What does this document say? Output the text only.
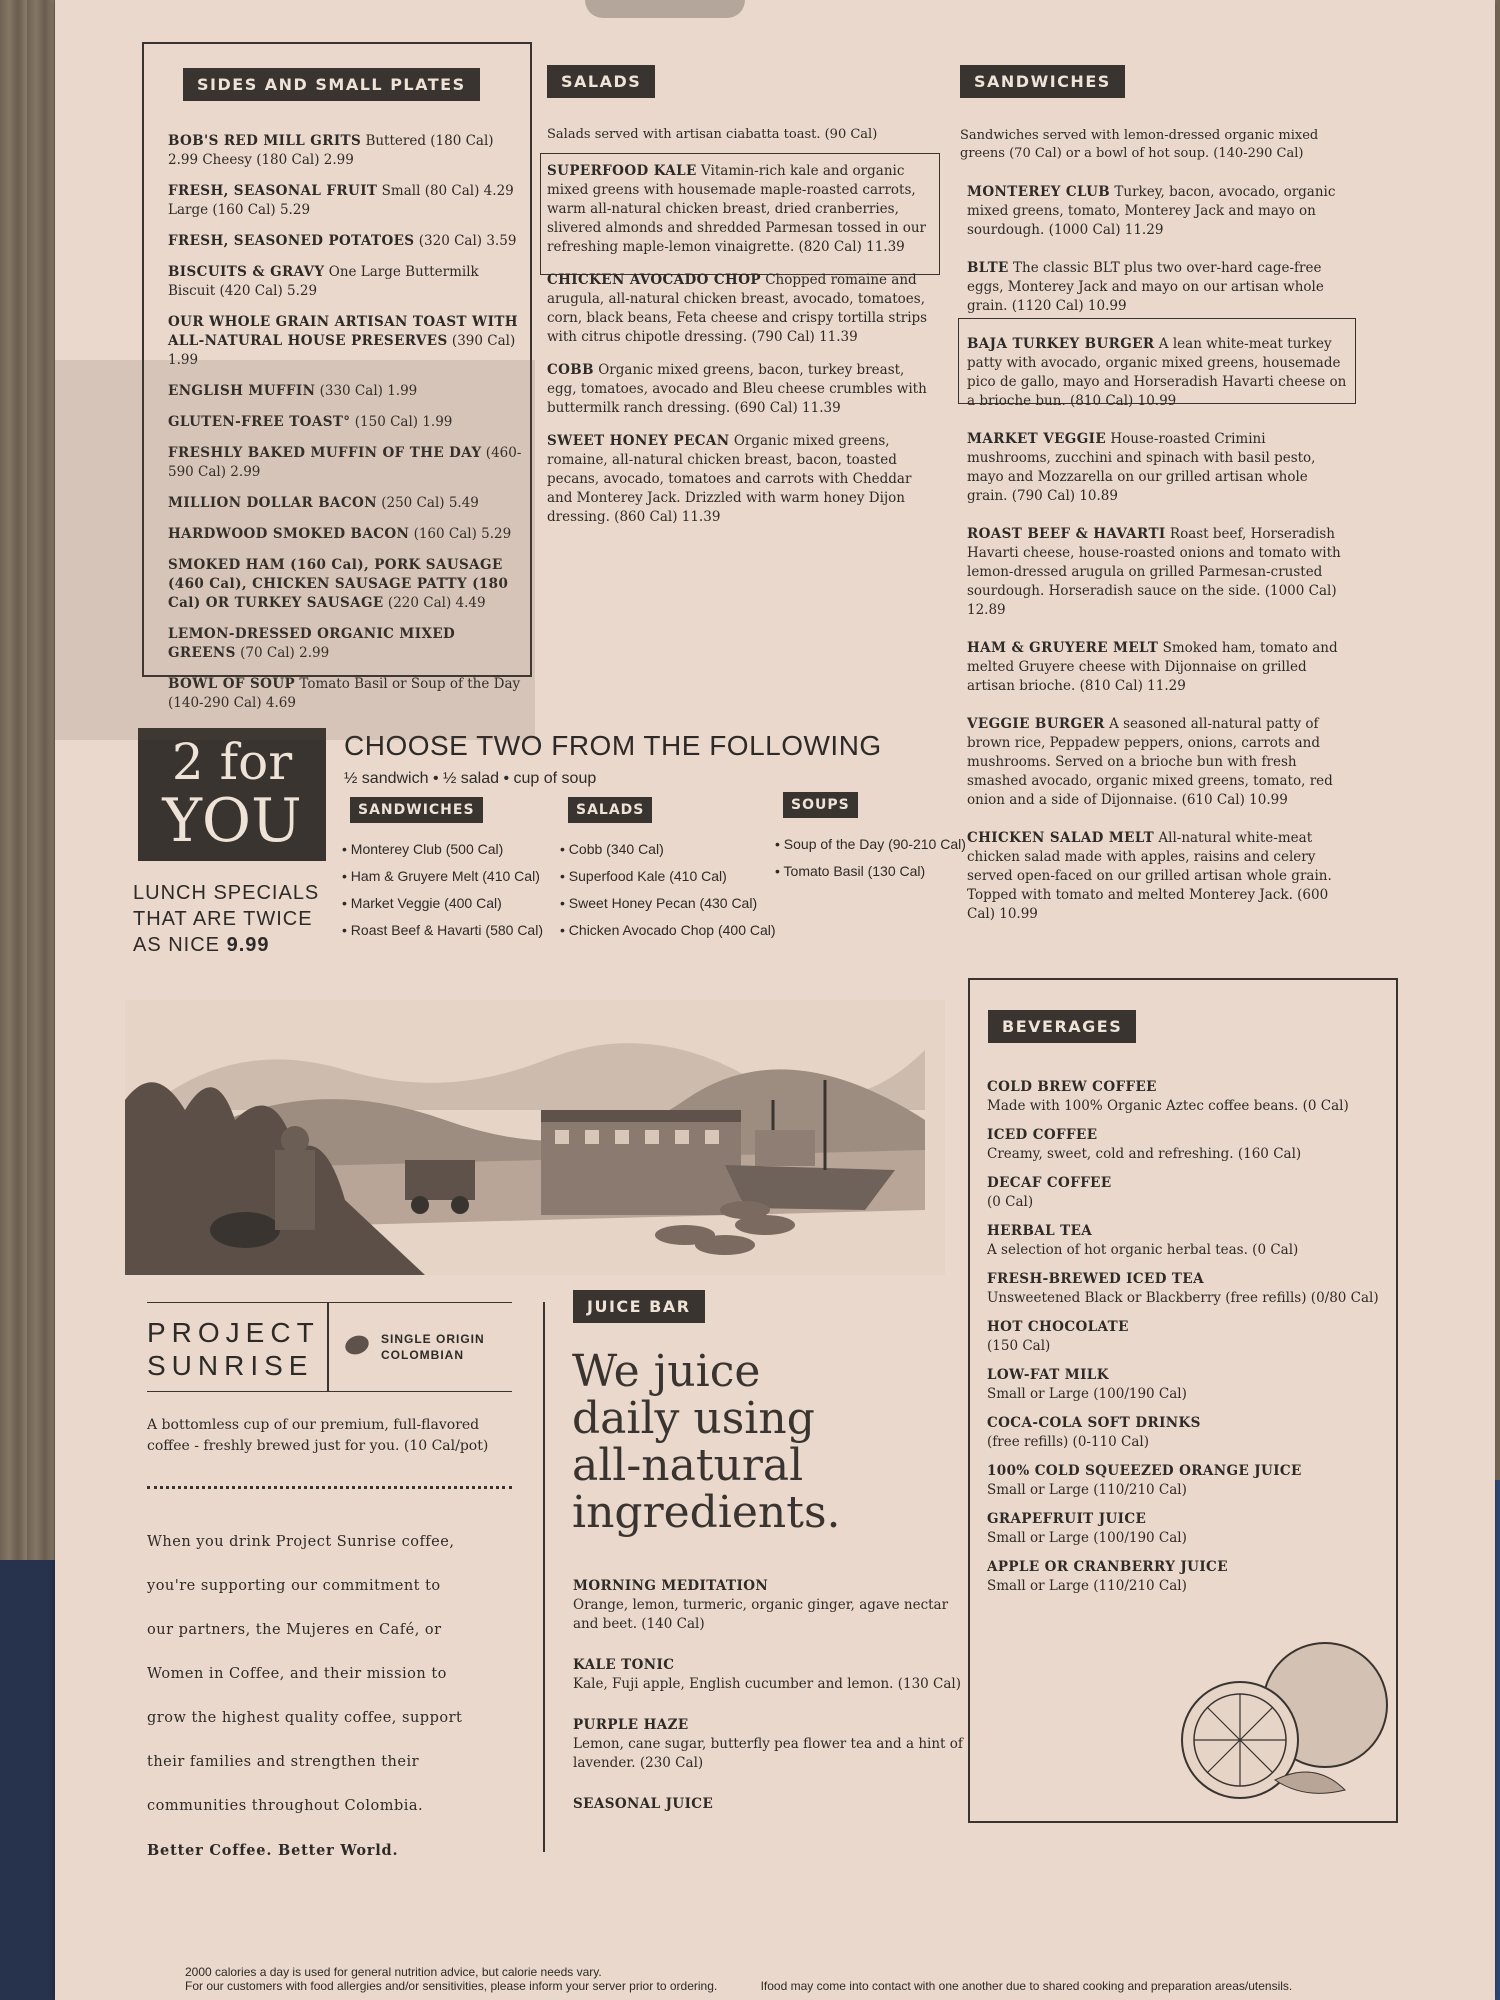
SIDES AND SMALL PLATES
BOB'S RED MILL GRITS Buttered (180 Cal) 2.99 Cheesy (180 Cal) 2.99
FRESH, SEASONAL FRUIT Small (80 Cal) 4.29 Large (160 Cal) 5.29
FRESH, SEASONED POTATOES (320 Cal) 3.59
BISCUITS & GRAVY One Large Buttermilk Biscuit (420 Cal) 5.29
OUR WHOLE GRAIN ARTISAN TOAST WITH ALL-NATURAL HOUSE PRESERVES (390 Cal) 1.99
ENGLISH MUFFIN (330 Cal) 1.99
GLUTEN-FREE TOAST° (150 Cal) 1.99
FRESHLY BAKED MUFFIN OF THE DAY (460-590 Cal) 2.99
MILLION DOLLAR BACON (250 Cal) 5.49
HARDWOOD SMOKED BACON (160 Cal) 5.29
SMOKED HAM (160 Cal), PORK SAUSAGE (460 Cal), CHICKEN SAUSAGE PATTY (180 Cal) OR TURKEY SAUSAGE (220 Cal) 4.49
LEMON-DRESSED ORGANIC MIXED GREENS (70 Cal) 2.99
BOWL OF SOUP Tomato Basil or Soup of the Day (140-290 Cal) 4.69
SALADS
Salads served with artisan ciabatta toast. (90 Cal)
SUPERFOOD KALE Vitamin-rich kale and organic mixed greens with housemade maple-roasted carrots, warm all-natural chicken breast, dried cranberries, slivered almonds and shredded Parmesan tossed in our refreshing maple-lemon vinaigrette. (820 Cal) 11.39
CHICKEN AVOCADO CHOP Chopped romaine and arugula, all-natural chicken breast, avocado, tomatoes, corn, black beans, Feta cheese and crispy tortilla strips with citrus chipotle dressing. (790 Cal) 11.39
COBB Organic mixed greens, bacon, turkey breast, egg, tomatoes, avocado and Bleu cheese crumbles with buttermilk ranch dressing. (690 Cal) 11.39
SWEET HONEY PECAN Organic mixed greens, romaine, all-natural chicken breast, bacon, toasted pecans, avocado, tomatoes and carrots with Cheddar and Monterey Jack. Drizzled with warm honey Dijon dressing. (860 Cal) 11.39
SANDWICHES
Sandwiches served with lemon-dressed organic mixed greens (70 Cal) or a bowl of hot soup. (140-290 Cal)
MONTEREY CLUB Turkey, bacon, avocado, organic mixed greens, tomato, Monterey Jack and mayo on sourdough. (1000 Cal) 11.29
BLTE The classic BLT plus two over-hard cage-free eggs, Monterey Jack and mayo on our artisan whole grain. (1120 Cal) 10.99
BAJA TURKEY BURGER A lean white-meat turkey patty with avocado, organic mixed greens, housemade pico de gallo, mayo and Horseradish Havarti cheese on a brioche bun. (810 Cal) 10.99
MARKET VEGGIE House-roasted Crimini mushrooms, zucchini and spinach with basil pesto, mayo and Mozzarella on our grilled artisan whole grain. (790 Cal) 10.89
ROAST BEEF & HAVARTI Roast beef, Horseradish Havarti cheese, house-roasted onions and tomato with lemon-dressed arugula on grilled Parmesan-crusted sourdough. Horseradish sauce on the side. (1000 Cal) 12.89
HAM & GRUYERE MELT Smoked ham, tomato and melted Gruyere cheese with Dijonnaise on grilled artisan brioche. (810 Cal) 11.29
VEGGIE BURGER A seasoned all-natural patty of brown rice, Peppadew peppers, onions, carrots and mushrooms. Served on a brioche bun with fresh smashed avocado, organic mixed greens, tomato, red onion and a side of Dijonnaise. (610 Cal) 10.99
CHICKEN SALAD MELT All-natural white-meat chicken salad made with apples, raisins and celery served open-faced on our grilled artisan whole grain. Topped with tomato and melted Monterey Jack. (600 Cal) 10.99
2 for
YOU
LUNCH SPECIALS
THAT ARE TWICE
AS NICE 9.99
CHOOSE TWO FROM THE FOLLOWING
½ sandwich • ½ salad • cup of soup
SANDWICHES
• Monterey Club (500 Cal)
• Ham & Gruyere Melt (410 Cal)
• Market Veggie (400 Cal)
• Roast Beef & Havarti (580 Cal)
SALADS
• Cobb (340 Cal)
• Superfood Kale (410 Cal)
• Sweet Honey Pecan (430 Cal)
• Chicken Avocado Chop (400 Cal)
SOUPS
• Soup of the Day (90-210 Cal)
• Tomato Basil (130 Cal)
PROJECT
SUNRISE
SINGLE ORIGIN
COLOMBIAN
A bottomless cup of our premium, full-flavored coffee - freshly brewed just for you. (10 Cal/pot)
When you drink Project Sunrise coffee,
you're supporting our commitment to
our partners, the Mujeres en Café, or
Women in Coffee, and their mission to
grow the highest quality coffee, support
their families and strengthen their
communities throughout Colombia.
Better Coffee. Better World.
JUICE BAR
We juice
daily using
all-natural
ingredients.
MORNING MEDITATION
Orange, lemon, turmeric, organic ginger, agave nectar and beet. (140 Cal)
KALE TONIC
Kale, Fuji apple, English cucumber and lemon. (130 Cal)
PURPLE HAZE
Lemon, cane sugar, butterfly pea flower tea and a hint of lavender. (230 Cal)
SEASONAL JUICE

BEVERAGES
COLD BREW COFFEE
Made with 100% Organic Aztec coffee beans. (0 Cal)
ICED COFFEE
Creamy, sweet, cold and refreshing. (160 Cal)
DECAF COFFEE
(0 Cal)
HERBAL TEA
A selection of hot organic herbal teas. (0 Cal)
FRESH-BREWED ICED TEA
Unsweetened Black or Blackberry (free refills) (0/80 Cal)
HOT CHOCOLATE
(150 Cal)
LOW-FAT MILK
Small or Large (100/190 Cal)
COCA-COLA SOFT DRINKS
(free refills) (0-110 Cal)
100% COLD SQUEEZED ORANGE JUICE
Small or Large (110/210 Cal)
GRAPEFRUIT JUICE
Small or Large (100/190 Cal)
APPLE OR CRANBERRY JUICE
Small or Large (110/210 Cal)
2000 calories a day is used for general nutrition advice, but calorie needs vary.
For our customers with food allergies and/or sensitivities, please inform your server prior to ordering.	Ifood may come into contact with one another due to shared cooking and preparation areas/utensils.
